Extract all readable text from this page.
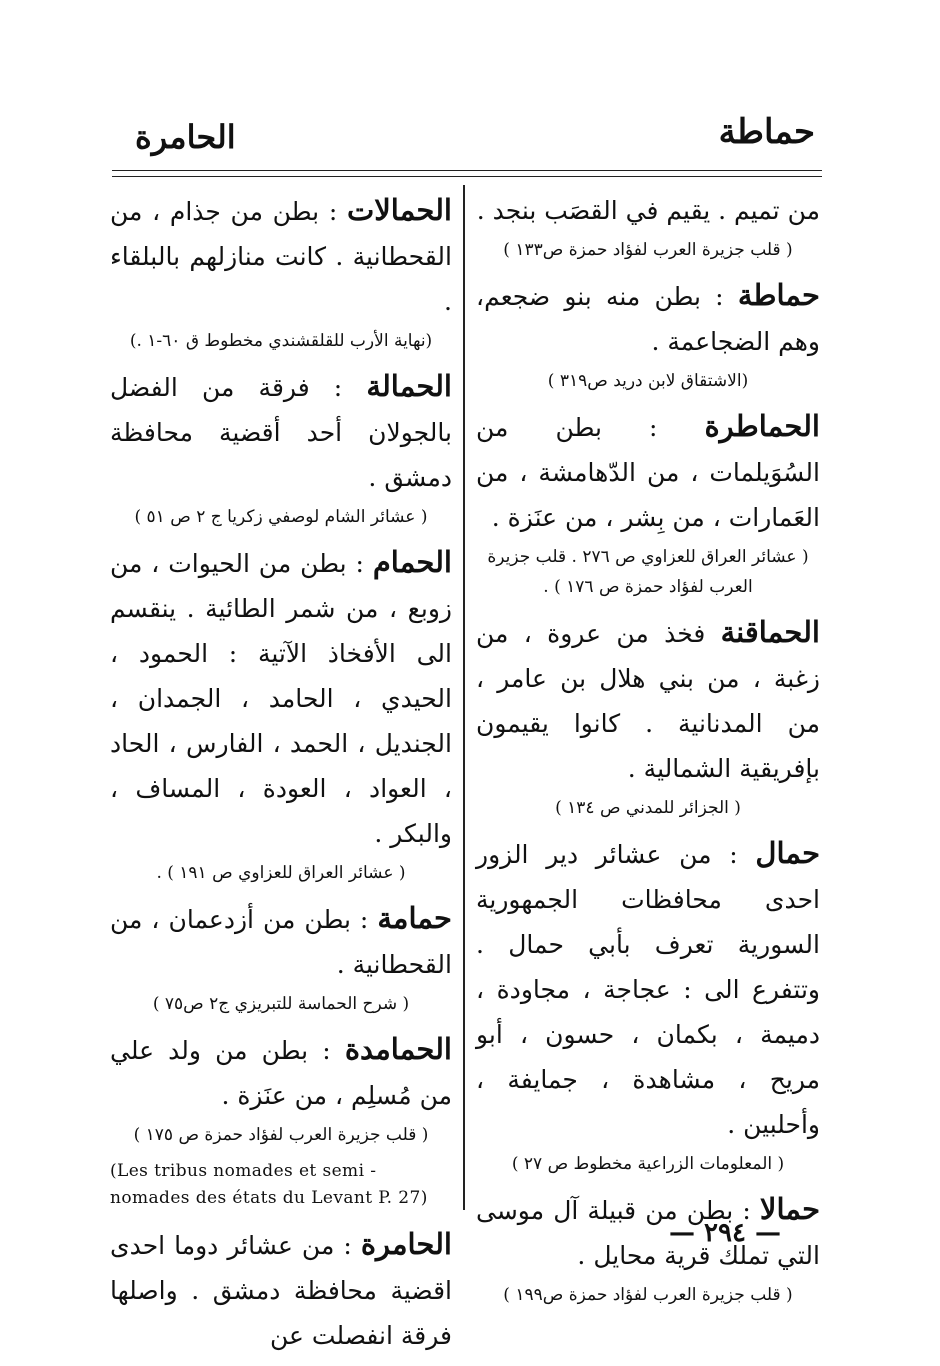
حماطة
الحامرة

من تميم . يقيم في القصَب بنجد .

( قلب جزيرة العرب لفؤاد حمزة ص١٣٣ )

حماطة : بطن منه بنو ضجعم، وهم الضجاعمة .

(الاشتقاق لابن دريد ص٣١٩ )

الحماطرة : بطن من السُوَيلمات ، من الدّهامشة ، من العَمارات ، من بِشر ، من عنَزة .

( عشائر العراق للعزاوي ص ٢٧٦ . قلب جزيرة العرب لفؤاد حمزة ص ١٧٦ ) .

الحماقنة فخذ من عروة ، من زغبة ، من بني هلال بن عامر ، من المدنانية . كانوا يقيمون بإفريقية الشمالية .

( الجزائر للمدني ص ١٣٤ )

حمال : من عشائر دير الزور احدى محافظات الجمهورية السورية تعرف بأبي حمال . وتتفرع الى : عجاجة ، مجاودة ، دميمة ، بكمان ، حسون ، أبو مريح ، مشاهدة ، جمايفة ، وأحلبين .

( المعلومات الزراعية مخطوط ص ٢٧ )

حمالا : بطن من قبيلة آل موسى التي تملك قرية محايل .

( قلب جزيرة العرب لفؤاد حمزة ص١٩٩ )

الحمالات : بطن من جذام ، من القحطانية . كانت منازلهم بالبلقاء .

(نهاية الأرب للقلقشندي مخطوط ق ٦٠-١ .)

الحمالة : فرقة من الفضل بالجولان أحد أقضية محافظة دمشق .

( عشائر الشام لوصفي زكريا ج ٢ ص ٥١ )

الحمام : بطن من الحيوات ، من زوبع ، من شمر الطائية . ينقسم الى الأفخاذ الآتية : الحمود ، الحيدي ، الحامد ، الجمدان ، الجنديل ، الحمد ، الفارس ، الحاد ، العواد ، العودة ، المساف ، والبكر .

( عشائر العراق للعزاوي ص ١٩١ ) .

حمامة : بطن من أزدعمان ، من القحطانية .

( شرح الحماسة للتبريزي ج٢ ص٧٥ )

الحمامدة : بطن من ولد علي من مُسلِم ، من عنَزة .

( قلب جزيرة العرب لفؤاد حمزة ص ١٧٥ )

(Les tribus nomades et semi - nomades des états du Levant P. 27)

الحامرة : من عشائر دوما احدى اقضية محافظة دمشق . واصلها فرقة انفصلت عن

— ٢٩٤ —
